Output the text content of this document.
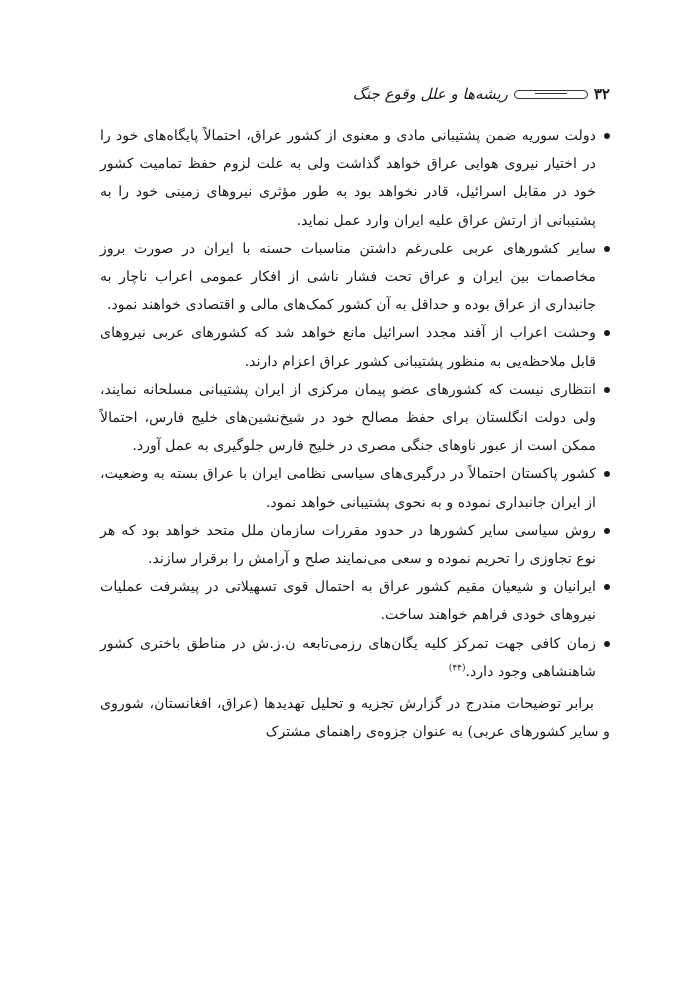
۳۲
ریشه‌ها و علل وقوع جنگ
دولت سوریه ضمن پشتیبانی مادی و معنوی از کشور عراق، احتمالاً پایگاه‌های خود را در اختیار نیروی هوایی عراق خواهد گذاشت ولی به علت لزوم حفظ تمامیت کشور خود در مقابل اسرائیل، قادر نخواهد بود به طور مؤثری نیروهای زمینی خود را به پشتیبانی از ارتش عراق علیه ایران وارد عمل نماید.
سایر کشورهای عربی علی‌رغم داشتن مناسبات حسنه با ایران در صورت بروز مخاصمات بین ایران و عراق تحت فشار ناشی از افکار عمومی اعراب ناچار به جانبداری از عراق بوده و حداقل به آن کشور کمک‌های مالی و اقتصادی خواهند نمود.
وحشت اعراب از آفند مجدد اسرائیل مانع خواهد شد که کشورهای عربی نیروهای قابل ملاحظه‌یی به منظور پشتیبانی کشور عراق اعزام دارند.
انتظاری نیست که کشورهای عضو پیمان مرکزی از ایران پشتیبانی مسلحانه نمایند، ولی دولت انگلستان برای حفظ مصالح خود در شیخ‌نشین‌های خلیج فارس، احتمالاً ممکن است از عبور ناوهای جنگی مصری در خلیج فارس جلوگیری به عمل آورد.
کشور پاکستان احتمالاً در درگیری‌های سیاسی نظامی ایران با عراق بسته به وضعیت، از ایران جانبداری نموده و به نحوی پشتیبانی خواهد نمود.
روش سیاسی سایر کشورها در حدود مقررات سازمان ملل متحد خواهد بود که هر نوع تجاوزی را تحریم نموده و سعی می‌نمایند صلح و آرامش را برقرار سازند.
ایرانیان و شیعیان مقیم کشور عراق به احتمال قوی تسهیلاتی در پیشرفت عملیات نیروهای خودی فراهم خواهند ساخت.
زمان کافی جهت تمرکز کلیه یگان‌های رزمی‌تابعه ن.ز.ش در مناطق باختری کشور شاهنشاهی وجود دارد.$^{(۴۴)}$

برابر توضیحات مندرج در گزارش تجزیه و تحلیل تهدیدها (عراق، افغانستان، شوروی و سایر کشورهای عربی) به عنوان جزوه‌ی راهنمای مشترک
